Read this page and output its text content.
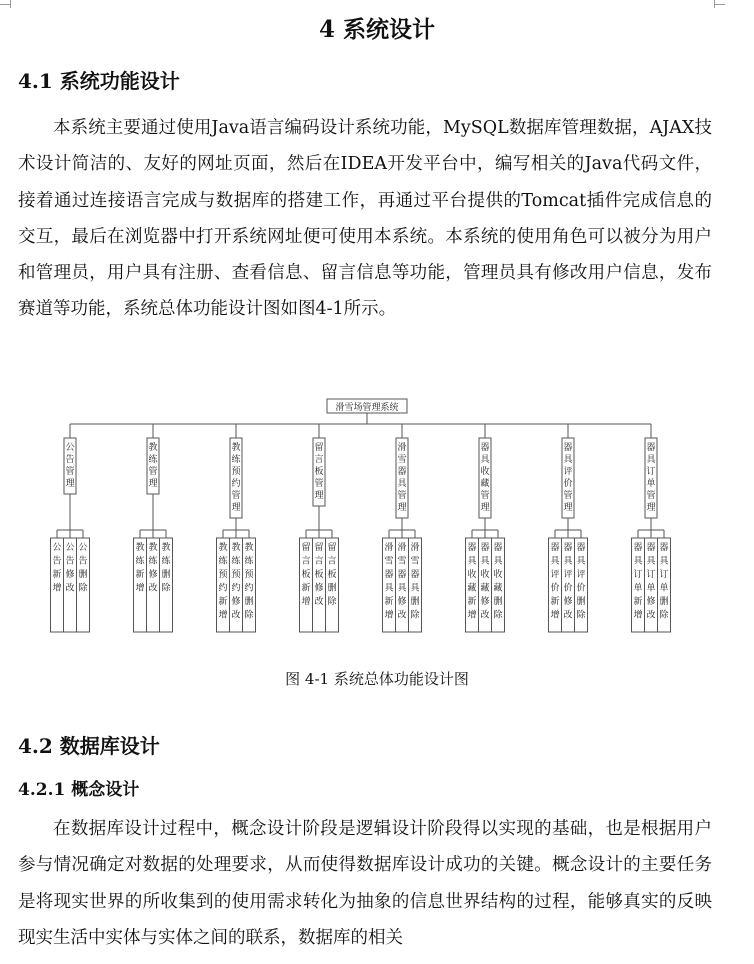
4 系统设计
4.1 系统功能设计

本系统主要通过使用Java语言编码设计系统功能，MySQL数据库管理数据，AJAX技术设计简洁的、友好的网址页面，然后在IDEA开发平台中，编写相关的Java代码文件，接着通过连接语言完成与数据库的搭建工作，再通过平台提供的Tomcat插件完成信息的交互，最后在浏览器中打开系统网址便可使用本系统。本系统的使用角色可以被分为用户和管理员，用户具有注册、查看信息、留言信息等功能，管理员具有修改用户信息，发布赛道等功能，系统总体功能设计图如图4-1所示。

滑雪场管理系统
公告管理
公告新增
公告修改
公告删除
教练管理
教练新增
教练修改
教练删除
教练预约管理
教练预约新增
教练预约修改
教练预约删除
留言板管理
留言板新增
留言板修改
留言板删除
滑雪器具管理
滑雪器具新增
滑雪器具修改
滑雪器具删除
器具收藏管理
器具收藏新增
器具收藏修改
器具收藏删除
器具评价管理
器具评价新增
器具评价修改
器具评价删除
器具订单管理
器具订单新增
器具订单修改
器具订单删除
图 4-1 系统总体功能设计图
4.2 数据库设计
4.2.1 概念设计

在数据库设计过程中，概念设计阶段是逻辑设计阶段得以实现的基础，也是根据用户参与情况确定对数据的处理要求，从而使得数据库设计成功的关键。概念设计的主要任务是将现实世界的所收集到的使用需求转化为抽象的信息世界结构的过程，能够真实的反映现实生活中实体与实体之间的联系，数据库的相关
